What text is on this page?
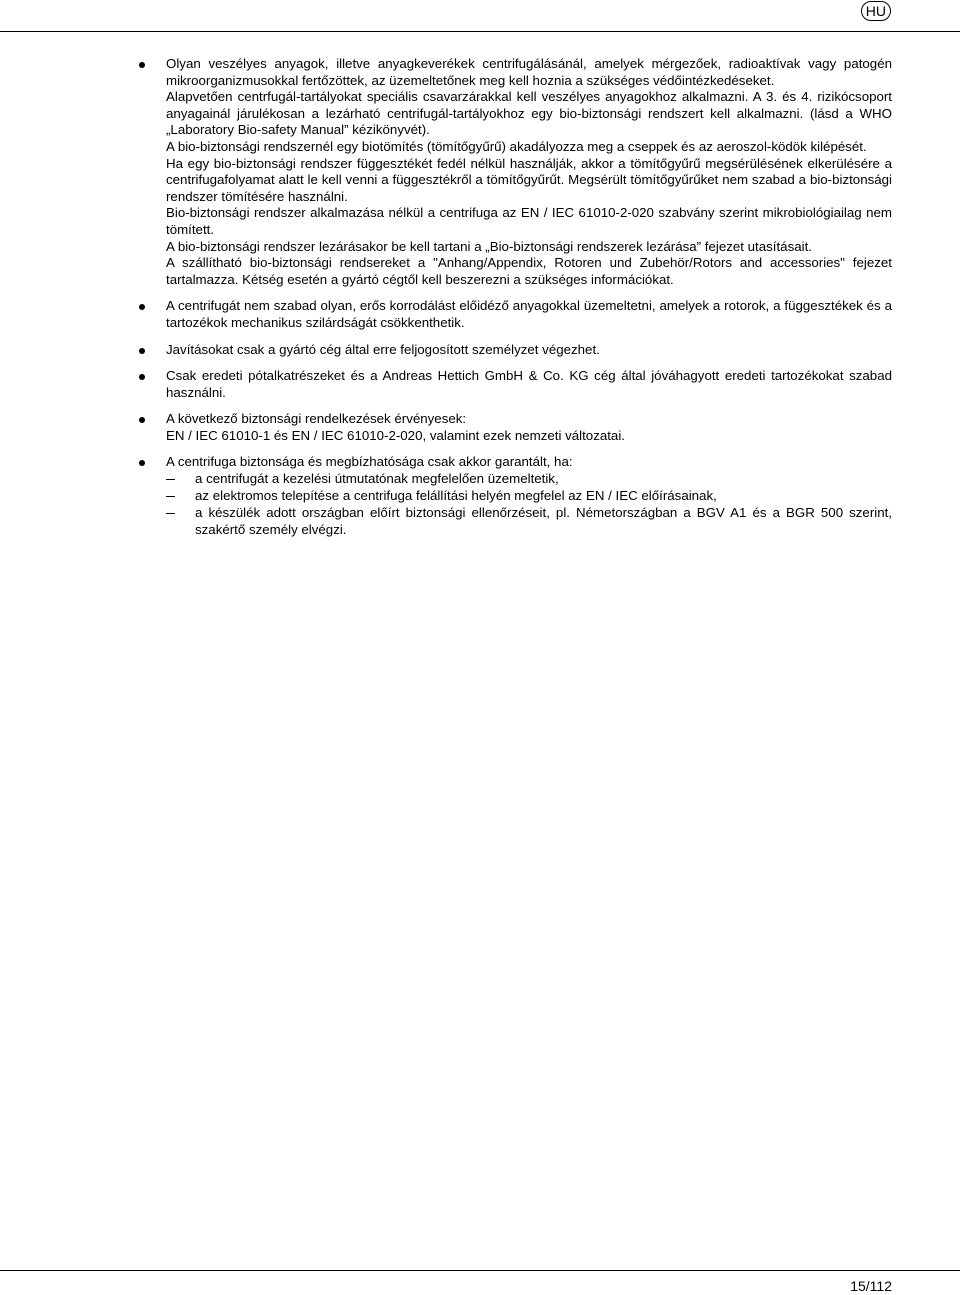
HU

Olyan veszélyes anyagok, illetve anyagkeverékek centrifugálásánál, amelyek mérgezőek, radioaktívak vagy patogén mikroorganizmusokkal fertőzöttek, az üzemeltetőnek meg kell hoznia a szükséges védőintézkedéseket.

Alapvetően centrfugál-tartályokat speciális csavarzárakkal kell veszélyes anyagokhoz alkalmazni. A 3. és 4. rizikócsoport anyagainál járulékosan a lezárható centrifugál-tartályokhoz egy bio-biztonsági rendszert kell alkalmazni. (lásd a WHO „Laboratory Bio-safety Manual” kézikönyvét).

A bio-biztonsági rendszernél egy biotömítés (tömítőgyűrű) akadályozza meg a cseppek és az aeroszol-ködök kilépését.

Ha egy bio-biztonsági rendszer függesztékét fedél nélkül használják, akkor a tömítőgyűrű megsérülésének elkerülésére a centrifugafolyamat alatt le kell venni a függesztékről a tömítőgyűrűt. Megsérült tömítőgyűrűket nem szabad a bio-biztonsági rendszer tömítésére használni.

Bio-biztonsági rendszer alkalmazása nélkül a centrifuga az EN / IEC 61010-2-020 szabvány szerint mikrobiológiailag nem tömített.

A bio-biztonsági rendszer lezárásakor be kell tartani a „Bio-biztonsági rendszerek lezárása” fejezet utasításait.

A szállítható bio-biztonsági rendsereket a "Anhang/Appendix, Rotoren und Zubehör/Rotors and accessories" fejezet tartalmazza. Kétség esetén a gyártó cégtől kell beszerezni a szükséges információkat.

A centrifugát nem szabad olyan, erős korrodálást előidéző anyagokkal üzemeltetni, amelyek a rotorok, a függesztékek és a tartozékok mechanikus szilárdságát csökkenthetik.

Javításokat csak a gyártó cég által erre feljogosított személyzet végezhet.

Csak eredeti pótalkatrészeket és a Andreas Hettich GmbH & Co. KG cég által jóváhagyott eredeti tartozékokat szabad használni.

A következő biztonsági rendelkezések érvényesek:

EN / IEC 61010-1 és EN / IEC 61010-2-020, valamint ezek nemzeti változatai.

A centrifuga biztonsága és megbízhatósága csak akkor garantált, ha:

a centrifugát a kezelési útmutatónak megfelelően üzemeltetik,
az elektromos telepítése a centrifuga felállítási helyén megfelel az EN / IEC előírásainak,
a készülék adott országban előírt biztonsági ellenőrzéseit, pl. Németországban a BGV A1 és a BGR 500 szerint, szakértő személy elvégzi.
15/112
